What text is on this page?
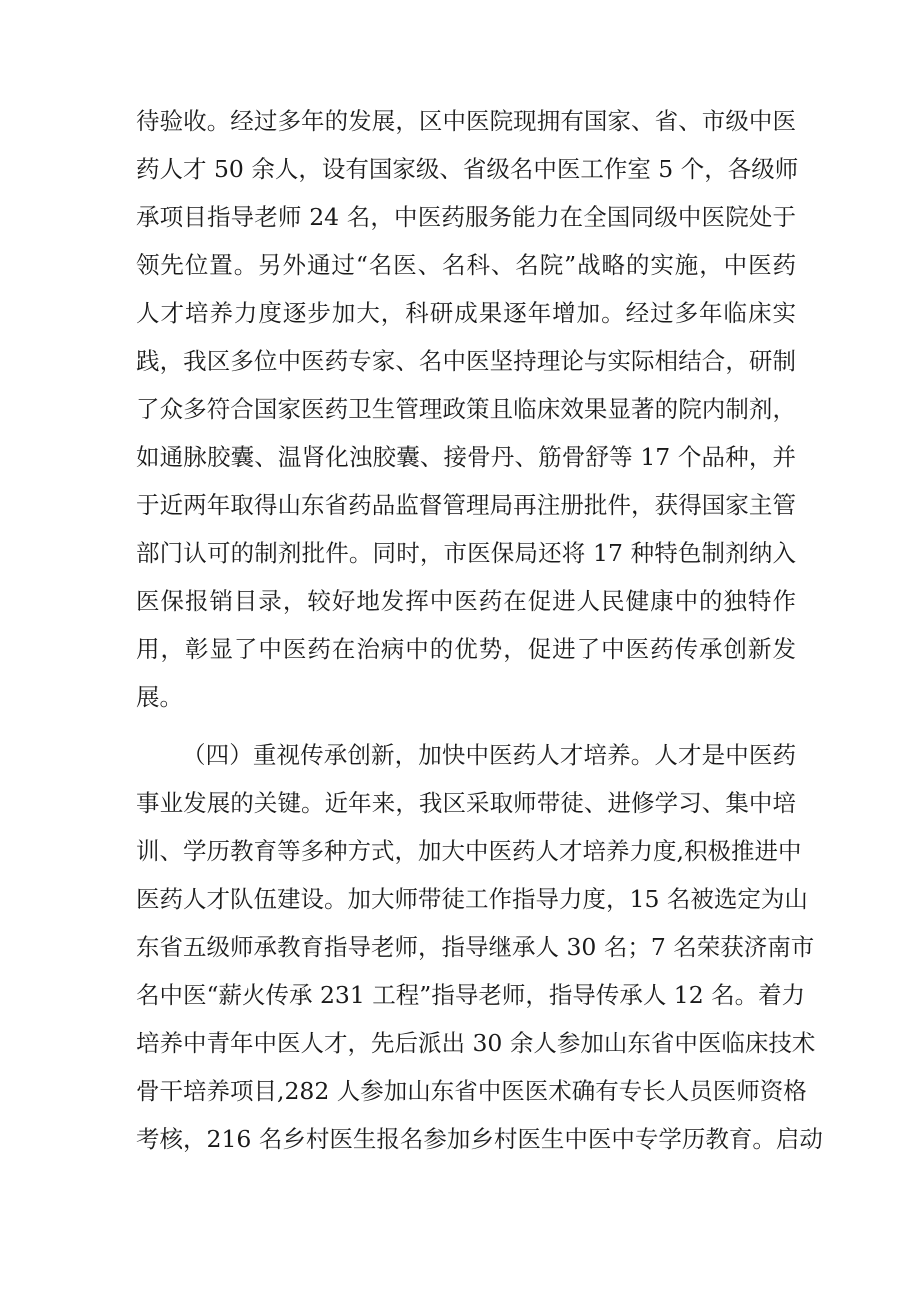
待验收。经过多年的发展，区中医院现拥有国家、省、市级中医
药人才 50 余人，设有国家级、省级名中医工作室 5 个，各级师
承项目指导老师 24 名，中医药服务能力在全国同级中医院处于
领先位置。另外通过“名医、名科、名院”战略的实施，中医药
人才培养力度逐步加大，科研成果逐年增加。经过多年临床实
践，我区多位中医药专家、名中医坚持理论与实际相结合，研制
了众多符合国家医药卫生管理政策且临床效果显著的院内制剂，
如通脉胶囊、温肾化浊胶囊、接骨丹、筋骨舒等 17 个品种，并
于近两年取得山东省药品监督管理局再注册批件，获得国家主管
部门认可的制剂批件。同时，市医保局还将 17 种特色制剂纳入
医保报销目录，较好地发挥中医药在促进人民健康中的独特作
用，彰显了中医药在治病中的优势，促进了中医药传承创新发
展。
（四）重视传承创新，加快中医药人才培养。人才是中医药
事业发展的关键。近年来，我区采取师带徒、进修学习、集中培
训、学历教育等多种方式，加大中医药人才培养力度,积极推进中
医药人才队伍建设。加大师带徒工作指导力度，15 名被选定为山
东省五级师承教育指导老师，指导继承人 30 名；7 名荣获济南市
名中医“薪火传承 231 工程”指导老师，指导传承人 12 名。着力
培养中青年中医人才，先后派出 30 余人参加山东省中医临床技术
骨干培养项目,282 人参加山东省中医医术确有专长人员医师资格
考核，216 名乡村医生报名参加乡村医生中医中专学历教育。启动
